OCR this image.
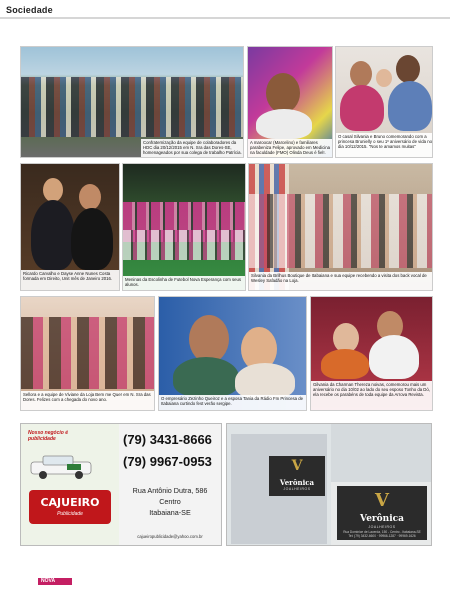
Sociedade
Confraternização da equipe de colaboradores da HDC dia 20/12/2015 em N. Sra das Dores-SE, homenageados por sua colega de trabalho Patrícia.
A maroocar (Marcelino) e familiares parabeniza Felipe, aprovado em Medicina na faculdade (FMO) Olinda Deus é fiel!.
O casal Silvania e Bruno comemorando com a princesa Brunielly o seu 1º aniversário de vida no dia 10/12/2015. "Nos te amamos muitas"
Ricardo Carvalho e Dayse Anne Nunes Costa formada em Direito, Unit mês de Janeiro 2016.	Meninas da Escolinha de Futebol Nova Esperança com seus alunos.
Silvania da Brilhus Boutique de Itabaiana e sua equipe recebendo a visita dos back vocal de Wesley Safadão na Loja.
Sellora e a equipe de Viviane da Loja Bem me Quer em N. Sra das Dores. Felizes com a chegada do novo ano.	O empresário Zezinho Queiroz e a esposa Tania da Rádio Fm Princesa de Itabaiana curtindo fest verão sergipe.
Gilvania da Charman Thereza noivas, comemorou mais um aniversário no dia 10/02 ao lado do seu esposo Tonho da Dó, ela recebe os parabéns de toda equipe da Arrova Revista.
Nosso negócio é publicidade
CAJUEIRO
Publicidade
(79) 3431-8666
(79) 9967-0953
Rua Antônio Dutra, 586
Centro
Itabaiana-SE
cajueiropublicidade@yahoo.com.br
V
Verônica
JOALHEIROS
V
Verônica
JOALHEIROS
Rua Dominice de Lacerda, 150 - Centro - Itabaiana-SE
Tel: (79) 3432-6600 · 99966-1287 · 99969-1626
NOVA
